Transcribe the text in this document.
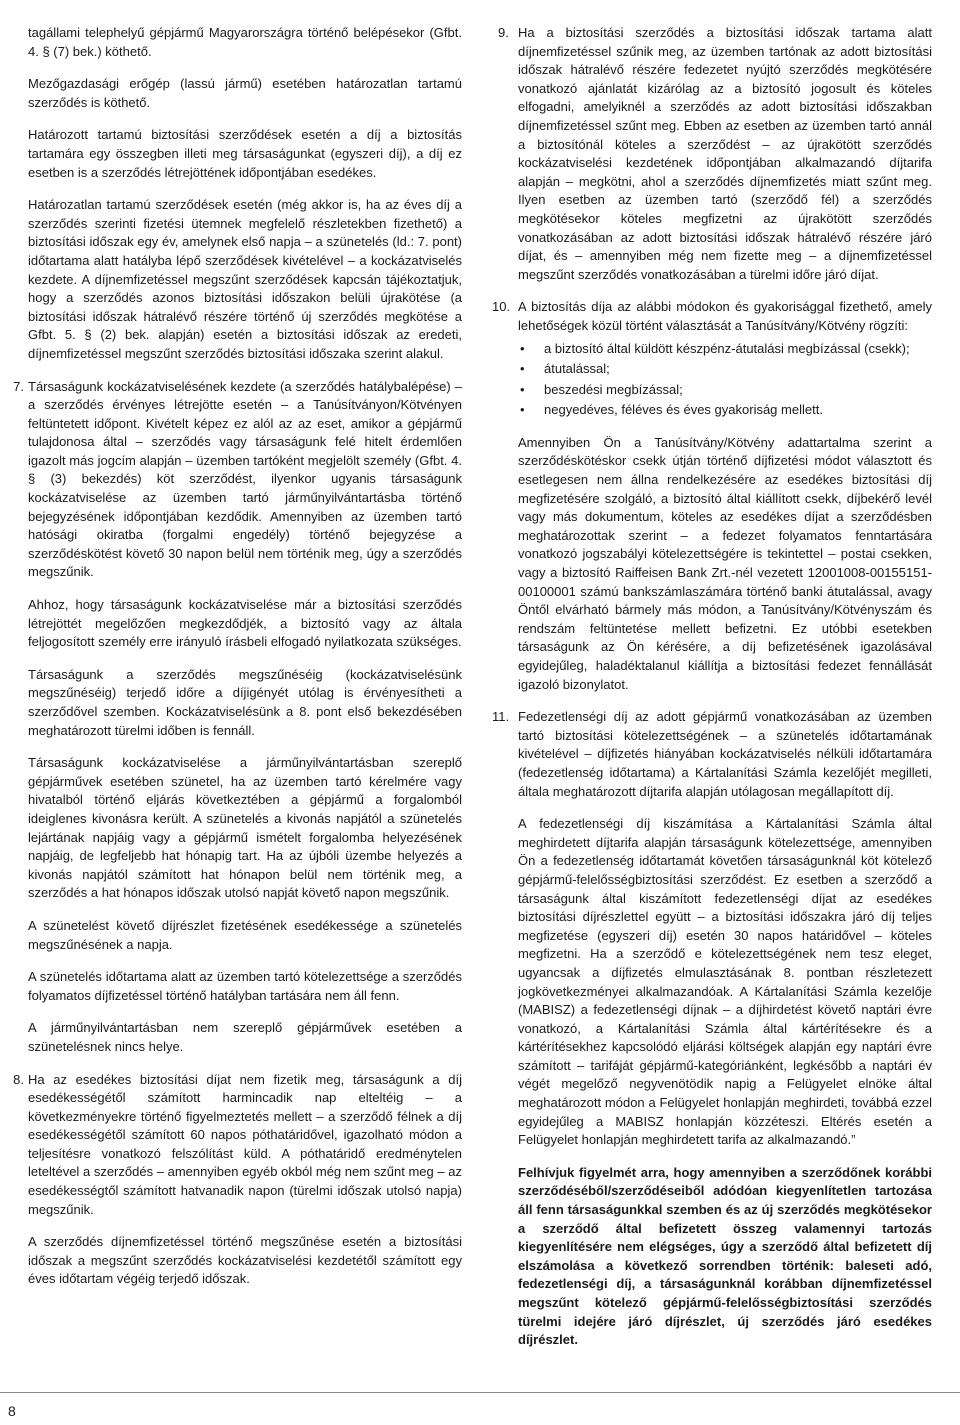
tagállami telephelyű gépjármű Magyarországra történő belépésekor (Gfbt. 4. § (7) bek.) köthető.

Mezőgazdasági erőgép (lassú jármű) esetében határozatlan tartamú szerződés is köthető.

Határozott tartamú biztosítási szerződések esetén a díj a biztosítás tartamára egy összegben illeti meg társaságunkat (egyszeri díj), a díj ez esetben is a szerződés létrejöttének időpontjában esedékes.

Határozatlan tartamú szerződések esetén (még akkor is, ha az éves díj a szerződés szerinti fizetési ütemnek megfelelő részletekben fizethető) a biztosítási időszak egy év, amelynek első napja – a szünetelés (ld.: 7. pont) időtartama alatt hatályba lépő szerződések kivételével – a kockázatviselés kezdete. A díjnemfizetéssel megszűnt szerződések kapcsán tájékoztatjuk, hogy a szerződés azonos biztosítási időszakon belüli újrakötése (a biztosítási időszak hátralévő részére történő új szerződés megkötése a Gfbt. 5. § (2) bek. alapján) esetén a biztosítási időszak az eredeti, díjnemfizetéssel megszűnt szerződés biztosítási időszaka szerint alakul.

7. Társaságunk kockázatviselésének kezdete (a szerződés hatálybalépése) – a szerződés érvényes létrejötte esetén – a Tanúsítványon/Kötvényen feltüntetett időpont. Kivételt képez ez alól az az eset, amikor a gépjármű tulajdonosa által – szerződés vagy társaságunk felé hitelt érdemlően igazolt más jogcím alapján – üzemben tartóként megjelölt személy (Gfbt. 4. § (3) bekezdés) köt szerződést, ilyenkor ugyanis társaságunk kockázatviselése az üzemben tartó járműnyilvántartásba történő bejegyzésének időpontjában kezdődik. Amennyiben az üzemben tartó hatósági okiratba (forgalmi engedély) történő bejegyzése a szerződéskötést követő 30 napon belül nem történik meg, úgy a szerződés megszűnik.

Ahhoz, hogy társaságunk kockázatviselése már a biztosítási szerződés létrejöttét megelőzően megkezdődjék, a biztosító vagy az általa feljogosított személy erre irányuló írásbeli elfogadó nyilatkozata szükséges.

Társaságunk a szerződés megszűnéséig (kockázatviselésünk megszűnéséig) terjedő időre a díjigényét utólag is érvényesítheti a szerződővel szemben. Kockázatviselésünk a 8. pont első bekezdésében meghatározott türelmi időben is fennáll.

Társaságunk kockázatviselése a járműnyilvántartásban szereplő gépjárművek esetében szünetel, ha az üzemben tartó kérelmére vagy hivatalból történő eljárás következtében a gépjármű a forgalomból ideiglenes kivonásra került. A szünetelés a kivonás napjától a szünetelés lejártának napjáig vagy a gépjármű ismételt forgalomba helyezésének napjáig, de legfeljebb hat hónapig tart. Ha az újbóli üzembe helyezés a kivonás napjától számított hat hónapon belül nem történik meg, a szerződés a hat hónapos időszak utolsó napját követő napon megszűnik.

A szünetelést követő díjrészlet fizetésének esedékessége a szünetelés megszűnésének a napja.

A szünetelés időtartama alatt az üzemben tartó kötelezettsége a szerződés folyamatos díjfizetéssel történő hatályban tartására nem áll fenn.

A járműnyilvántartásban nem szereplő gépjárművek esetében a szünetelésnek nincs helye.

8. Ha az esedékes biztosítási díjat nem fizetik meg, társaságunk a díj esedékességétől számított harmincadik nap elteltéig – a következményekre történő figyelmeztetés mellett – a szerződő félnek a díj esedékességétől számított 60 napos póthatáridővel, igazolható módon a teljesítésre vonatkozó felszólítást küld. A póthatáridő eredménytelen leteltével a szerződés – amennyiben egyéb okból még nem szűnt meg – az esedékességtől számított hatvanadik napon (türelmi időszak utolsó napja) megszűnik.

A szerződés díjnemfizetéssel történő megszűnése esetén a biztosítási időszak a megszűnt szerződés kockázatviselési kezdetétől számított egy éves időtartam végéig terjedő időszak.

9. Ha a biztosítási szerződés a biztosítási időszak tartama alatt díjnemfizetéssel szűnik meg, az üzemben tartónak az adott biztosítási időszak hátralévő részére fedezetet nyújtó szerződés megkötésére vonatkozó ajánlatát kizárólag az a biztosító jogosult és köteles elfogadni, amelyiknél a szerződés az adott biztosítási időszakban díjnemfizetéssel szűnt meg. Ebben az esetben az üzemben tartó annál a biztosítónál köteles a szerződést – az újrakötött szerződés kockázatviselési kezdetének időpontjában alkalmazandó díjtarifa alapján – megkötni, ahol a szerződés díjnemfizetés miatt szűnt meg. Ilyen esetben az üzemben tartó (szerződő fél) a szerződés megkötésekor köteles megfizetni az újrakötött szerződés vonatkozásában az adott biztosítási időszak hátralévő részére járó díjat, és – amennyiben még nem fizette meg – a díjnemfizetéssel megszűnt szerződés vonatkozásában a türelmi időre járó díjat.

10. A biztosítás díja az alábbi módokon és gyakorisággal fizethető, amely lehetőségek közül történt választását a Tanúsítvány/Kötvény rögzíti:

• a biztosító által küldött készpénz-átutalási megbízással (csekk);
• átutalással;
• beszedési megbízással;
• negyedéves, féléves és éves gyakoriság mellett.

Amennyiben Ön a Tanúsítvány/Kötvény adattartalma szerint a szerződéskötéskor csekk útján történő díjfizetési módot választott és esetlegesen nem állna rendelkezésére az esedékes biztosítási díj megfizetésére szolgáló, a biztosító által kiállított csekk, díjbekérő levél vagy más dokumentum, köteles az esedékes díjat a szerződésben meghatározottak szerint – a fedezet folyamatos fenntartására vonatkozó jogszabályi kötelezettségére is tekintettel – postai csekken, vagy a biztosító Raiffeisen Bank Zrt.-nél vezetett 12001008-00155151-00100001 számú bankszámlaszámára történő banki átutalással, avagy Öntől elvárható bármely más módon, a Tanúsítvány/Kötvényszám és rendszám feltüntetése mellett befizetni. Ez utóbbi esetekben társaságunk az Ön kérésére, a díj befizetésének igazolásával egyidejűleg, haladéktalanul kiállítja a biztosítási fedezet fennállását igazoló bizonylatot.

11. Fedezetlenségi díj az adott gépjármű vonatkozásában az üzemben tartó biztosítási kötelezettségének – a szünetelés időtartamának kivételével – díjfizetés hiányában kockázatviselés nélküli időtartamára (fedezetlenség időtartama) a Kártalanítási Számla kezelőjét megilleti, általa meghatározott díjtarifa alapján utólagosan megállapított díj.

A fedezetlenségi díj kiszámítása a Kártalanítási Számla által meghirdetett díjtarifa alapján társaságunk kötelezettsége, amennyiben Ön a fedezetlenség időtartamát követően társaságunknál köt kötelező gépjármű-felelősségbiztosítási szerződést. Ez esetben a szerződő a társaságunk által kiszámított fedezetlenségi díjat az esedékes biztosítási díjrészlettel együtt – a biztosítási időszakra járó díj teljes megfizetése (egyszeri díj) esetén 30 napos határidővel – köteles megfizetni. Ha a szerződő e kötelezettségének nem tesz eleget, ugyancsak a díjfizetés elmulasztásának 8. pontban részletezett jogkövetkezményei alkalmazandóak. A Kártalanítási Számla kezelője (MABISZ) a fedezetlenségi díjnak – a díjhirdetést követő naptári évre vonatkozó, a Kártalanítási Számla által kártérítésekre és a kártérítésekhez kapcsolódó eljárási költségek alapján egy naptári évre számított – tarifáját gépjármű-kategóriánként, legkésőbb a naptári év végét megelőző negyvenötödik napig a Felügyelet elnöke által meghatározott módon a Felügyelet honlapján meghirdeti, továbbá ezzel egyidejűleg a MABISZ honlapján közzéteszi. Eltérés esetén a Felügyelet honlapján meghirdetett tarifa az alkalmazandó.”

Felhívjuk figyelmét arra, hogy amennyiben a szerződőnek korábbi szerződéséből/szerződéseiből adódóan kiegyenlítetlen tartozása áll fenn társaságunkkal szemben és az új szerződés megkötésekor a szerződő által befizetett összeg valamennyi tartozás kiegyenlítésére nem elégséges, úgy a szerződő által befizetett díj elszámolása a következő sorrendben történik: baleseti adó, fedezetlenségi díj, a társaságunknál korábban díjnemfizetéssel megszűnt kötelező gépjármű-felelősségbiztosítási szerződés türelmi idejére járó díjrészlet, új szerződés járó esedékes díjrészlet.

8
